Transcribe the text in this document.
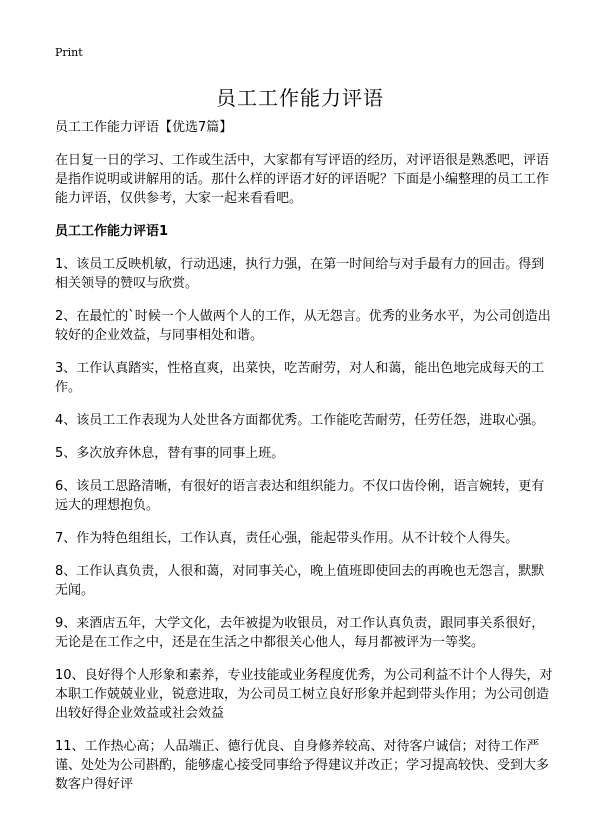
Print
员工工作能力评语

员工工作能力评语【优选7篇】

在日复一日的学习、工作或生活中，大家都有写评语的经历，对评语很是熟悉吧，评语是指作说明或讲解用的话。那什么样的评语才好的评语呢？下面是小编整理的员工工作能力评语，仅供参考，大家一起来看看吧。

员工工作能力评语1

1、该员工反映机敏，行动迅速，执行力强，在第一时间给与对手最有力的回击。得到相关领导的赞叹与欣赏。

2、在最忙的`时候一个人做两个人的工作，从无怨言。优秀的业务水平，为公司创造出较好的企业效益，与同事相处和谐。

3、工作认真踏实，性格直爽，出菜快，吃苦耐劳，对人和蔼，能出色地完成每天的工作。

4、该员工工作表现为人处世各方面都优秀。工作能吃苦耐劳，任劳任怨，进取心强。

5、多次放弃休息，替有事的同事上班。

6、该员工思路清晰，有很好的语言表达和组织能力。不仅口齿伶俐，语言婉转，更有远大的理想抱负。

7、作为特色组组长，工作认真，责任心强，能起带头作用。从不计较个人得失。

8、工作认真负责，人很和蔼，对同事关心，晚上值班即使回去的再晚也无怨言，默默无闻。

9、来酒店五年，大学文化，去年被提为收银员，对工作认真负责，跟同事关系很好，无论是在工作之中，还是在生活之中都很关心他人，每月都被评为一等奖。

10、良好得个人形象和素养，专业技能或业务程度优秀，为公司利益不计个人得失，对本职工作兢兢业业，锐意进取，为公司员工树立良好形象并起到带头作用；为公司创造出较好得企业效益或社会效益

11、工作热心高；人品端正、德行优良、自身修养较高、对待客户诚信；对待工作严谨、处处为公司斟酌，能够虚心接受同事给予得建议并改正；学习提高较快、受到大多数客户得好评
